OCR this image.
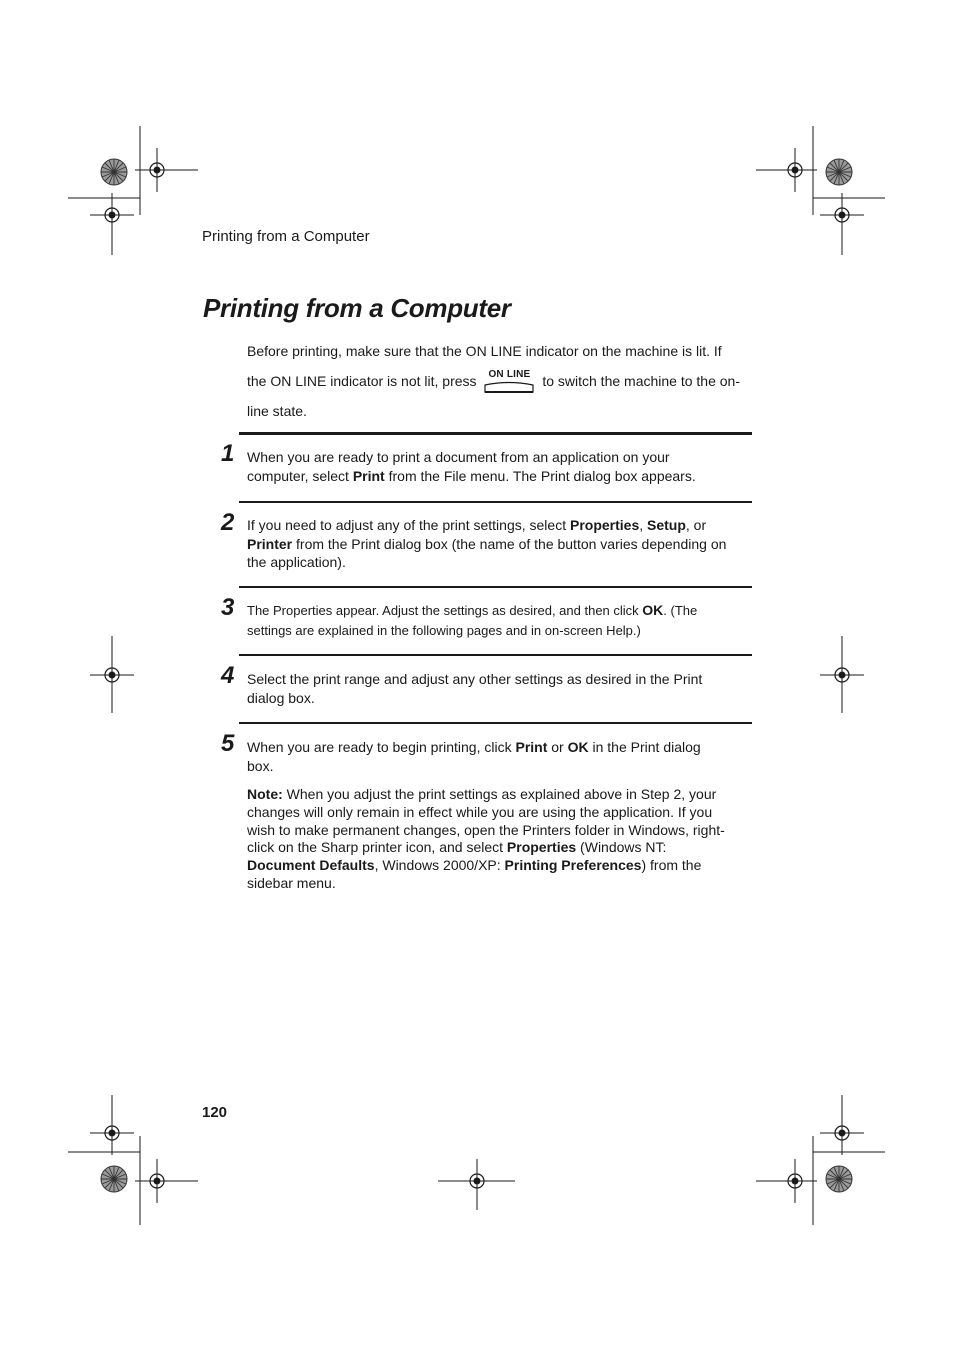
Printing from a Computer
Printing from a Computer
Before printing, make sure that the ON LINE indicator on the machine is lit. If
the ON LINE indicator is not lit, press	ON LINE to switch the machine to the on-
line state.
1 When you are ready to print a document from an application on your
computer, select Print from the File menu. The Print dialog box appears.
2 If you need to adjust any of the print settings, select Properties, Setup, or
Printer from the Print dialog box (the name of the button varies depending on
the application).
3 The Properties appear. Adjust the settings as desired, and then click OK. (The
settings are explained in the following pages and in on-screen Help.)
4 Select the print range and adjust any other settings as desired in the Print
dialog box.
5 When you are ready to begin printing, click Print or OK in the Print dialog
box.
Note: When you adjust the print settings as explained above in Step 2, your
changes will only remain in effect while you are using the application. If you
wish to make permanent changes, open the Printers folder in Windows, right-
click on the Sharp printer icon, and select Properties (Windows NT:
Document Defaults, Windows 2000/XP: Printing Preferences) from the
sidebar menu.
120
